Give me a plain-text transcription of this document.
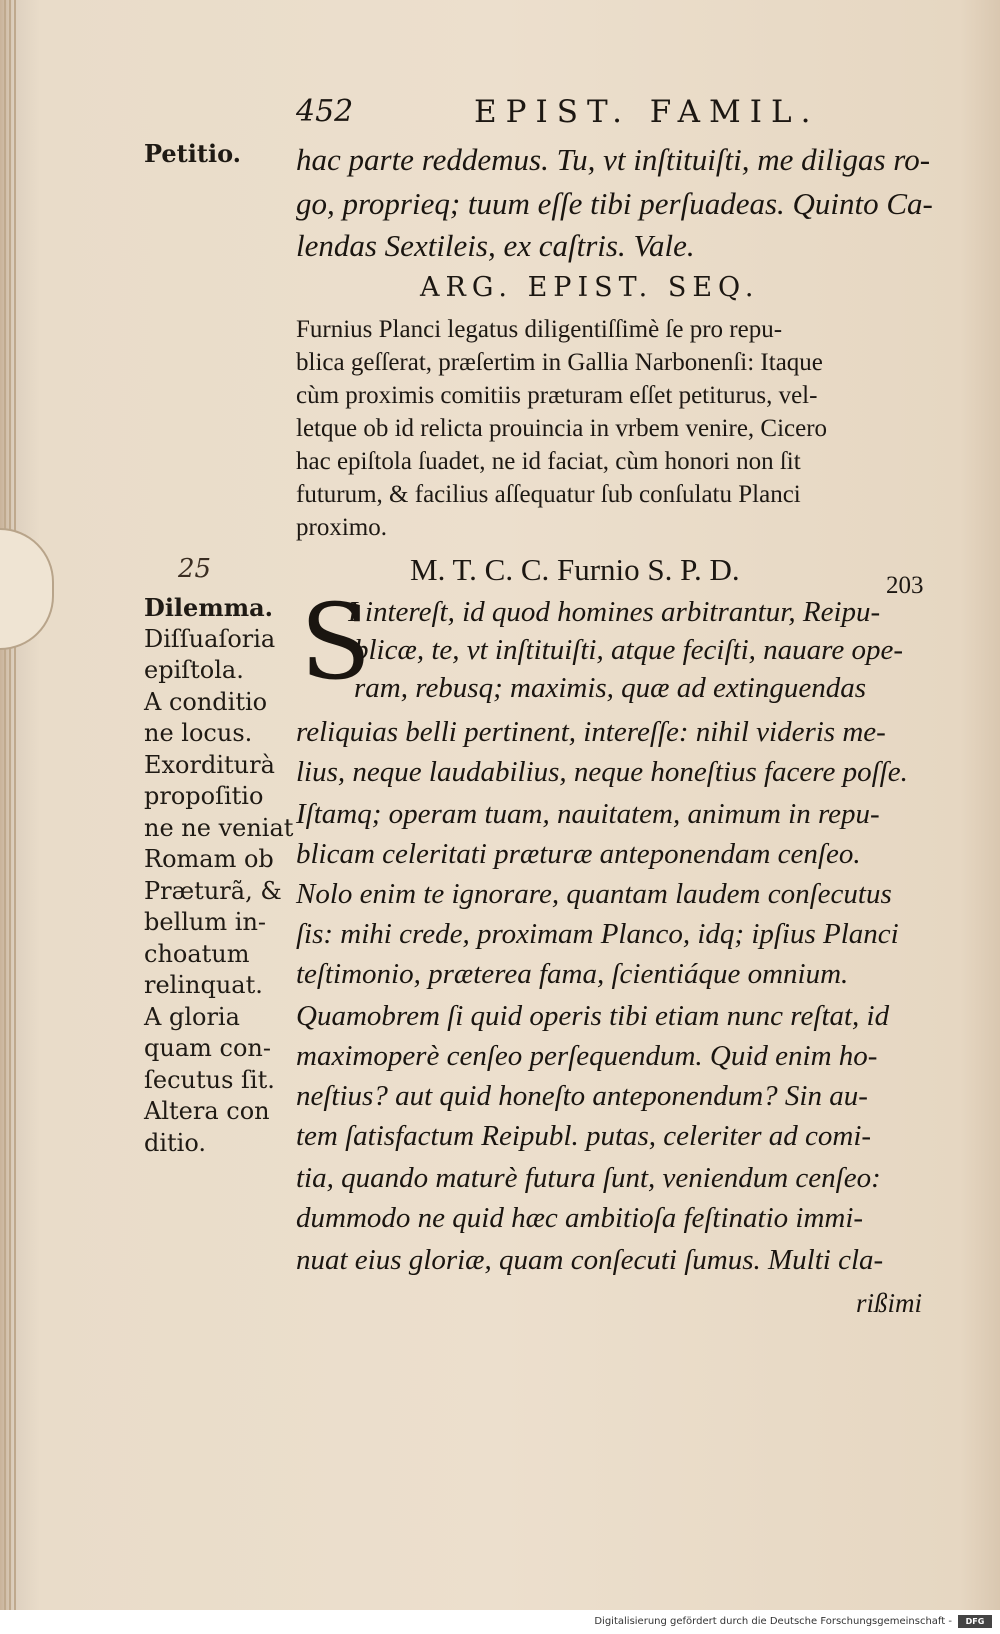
452	EPIST. FAMIL.
Petitio. hac parte reddemus. Tu, vt inſtituiſti, me diligas ro-
go, proprieq; tuum eſſe tibi perſuadeas. Quinto Ca-
lendas Sextileis, ex caſtris. Vale.
ARG. EPIST. SEQ.
Furnius Planci legatus diligentiſſimè ſe pro repu-
blica geſſerat, præſertim in Gallia Narbonenſi: Itaque
cùm proximis comitiis præturam eſſet petiturus, vel-
letque ob id relicta prouincia in vrbem venire, Cicero
hac epiſtola ſuadet, ne id faciat, cùm honori non ſit
futurum, & facilius aſſequatur ſub conſulatu Planci
proximo.
25	M. T. C. C. Furnio S. P. D.	203
Dilemma.
Diſſuaſoria
epiſtola.
A conditio
ne locus.
Exorditurà
propoſitio
ne ne veniat
Romam ob
Præturã, &
bellum in-
choatum
relinquat.
A gloria
quam con-
ſecutus ſit.
Altera con
ditio.
S
I intereſt, id quod homines arbitrantur, Reipu-
blicæ, te, vt inſtituiſti, atque feciſti, nauare ope-
ram, rebusq; maximis, quæ ad extinguendas
reliquias belli pertinent, intereſſe: nihil videris me-
lius, neque laudabilius, neque honeſtius facere poſſe.
Iſtamq; operam tuam, nauitatem, animum in repu-
blicam celeritati præturæ anteponendam cenſeo.
Nolo enim te ignorare, quantam laudem conſecutus
ſis: mihi crede, proximam Planco, idq; ipſius Planci
teſtimonio, præterea fama, ſcientiáque omnium.
Quamobrem ſi quid operis tibi etiam nunc reſtat, id
maximoperè cenſeo perſequendum. Quid enim ho-
neſtius? aut quid honeſto anteponendum? Sin au-
tem ſatisfactum Reipubl. putas, celeriter ad comi-
tia, quando maturè futura ſunt, veniendum cenſeo:
dummodo ne quid hæc ambitioſa feſtinatio immi-
nuat eius gloriæ, quam conſecuti ſumus. Multi cla-
rißimi
Digitalisierung gefördert durch die Deutsche Forschungsgemeinschaft -	DFG
